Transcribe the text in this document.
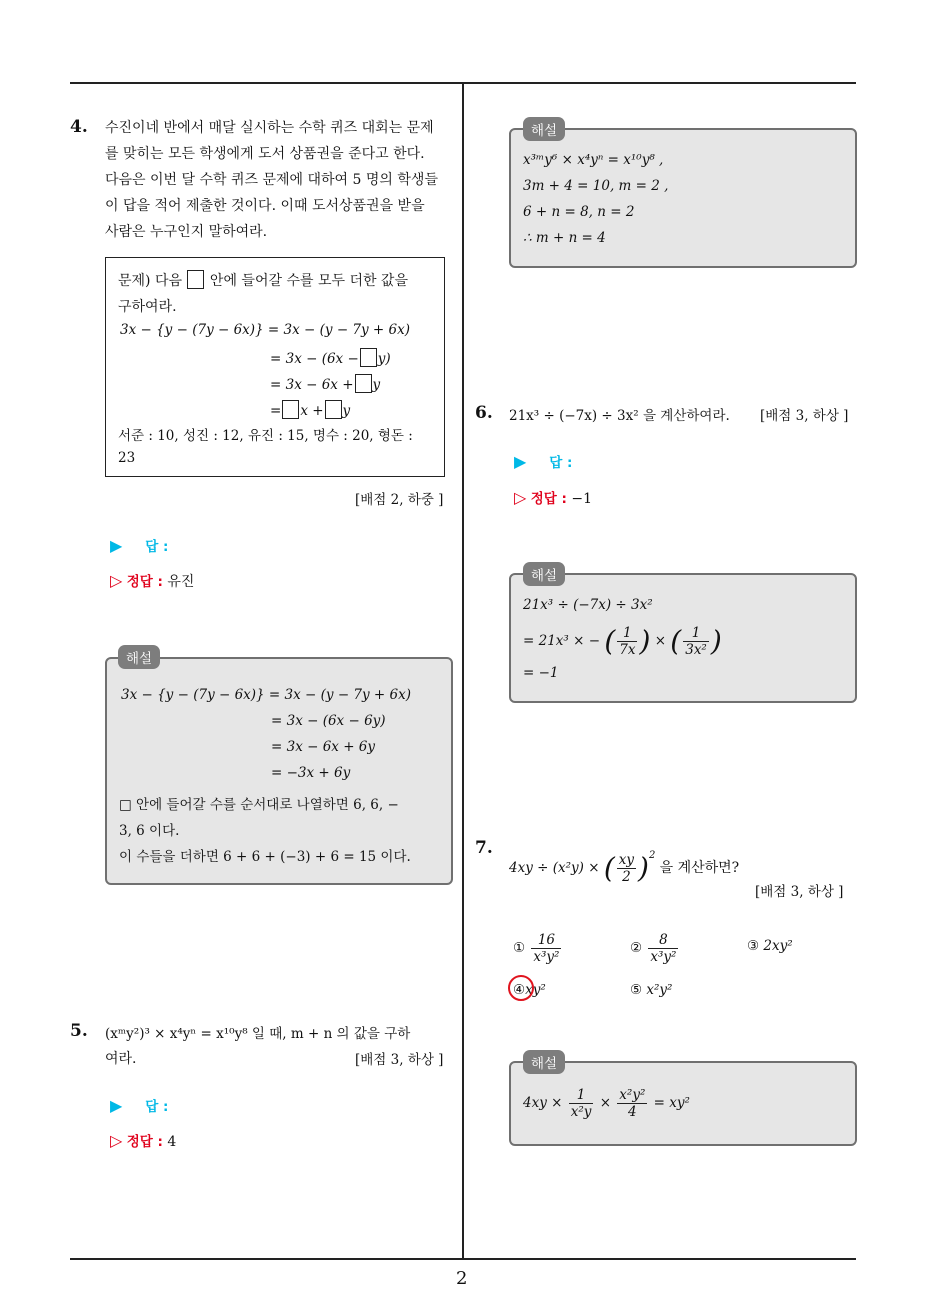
2
4. 수진이네 반에서 매달 실시하는 수학 퀴즈 대회는 문제
를 맞히는 모든 학생에게 도서 상품권을 준다고 한다.
다음은 이번 달 수학 퀴즈 문제에 대하여 5 명의 학생들
이 답을 적어 제출한 것이다. 이때 도서상품권을 받을
사람은 누구인지 말하여라.
문제) 다음 안에 들어갈 수를 모두 더한 값을
구하여라.
3x − {y − (7y − 6x)} = 3x − (y − 7y + 6x)
= 3x − (6x − y)
= 3x − 6x + y
= x + y
서준 : 10, 성진 : 12, 유진 : 15, 명수 : 20, 형돈 :
23
[배점 2, 하중 ]
▶ 답 :
▷ 정답 : 유진
3x − {y − (7y − 6x)} = 3x − (y − 7y + 6x)
= 3x − (6x − 6y)
= 3x − 6x + 6y
= −3x + 6y
□ 안에 들어갈 수를 순서대로 나열하면 6, 6, −
3, 6 이다.
이 수들을 더하면 6 + 6 + (−3) + 6 = 15 이다.
해설
5. (xᵐy²)³ × x⁴yⁿ = x¹⁰y⁸ 일 때, m + n 의 값을 구하
여라.	[배점 3, 하상 ]
▶ 답 :
▷ 정답 : 4
x³ᵐy⁶ × x⁴yⁿ = x¹⁰y⁸ ,
3m + 4 = 10, m = 2 ,
6 + n = 8, n = 2
∴ m + n = 4
해설
6. 21x³ ÷ (−7x) ÷ 3x² 을 계산하여라. [배점 3, 하상 ]
▶ 답 :
▷ 정답 : −1
21x³ ÷ (−7x) ÷ 3x²
= 21x³ × − ( $\frac{1}{7x}$ ) × ( $\frac{1}{\text{3x²}}$ )
= −1
해설
7.
4xy ÷ (x²y) × ( $\frac{xy}{2} )^2$ 을 계산하면?
[배점 3, 하상 ]
① $\frac{16}{\text{x³y²}}$	② $\frac{8}{\text{x³y²}}$	③ 2xy²
④xy²	⑤ x²y²
$4xy \times \frac{1}{\text{x²y}} \times \frac{\text{x²y²}}{4} = xy^2$
해설
